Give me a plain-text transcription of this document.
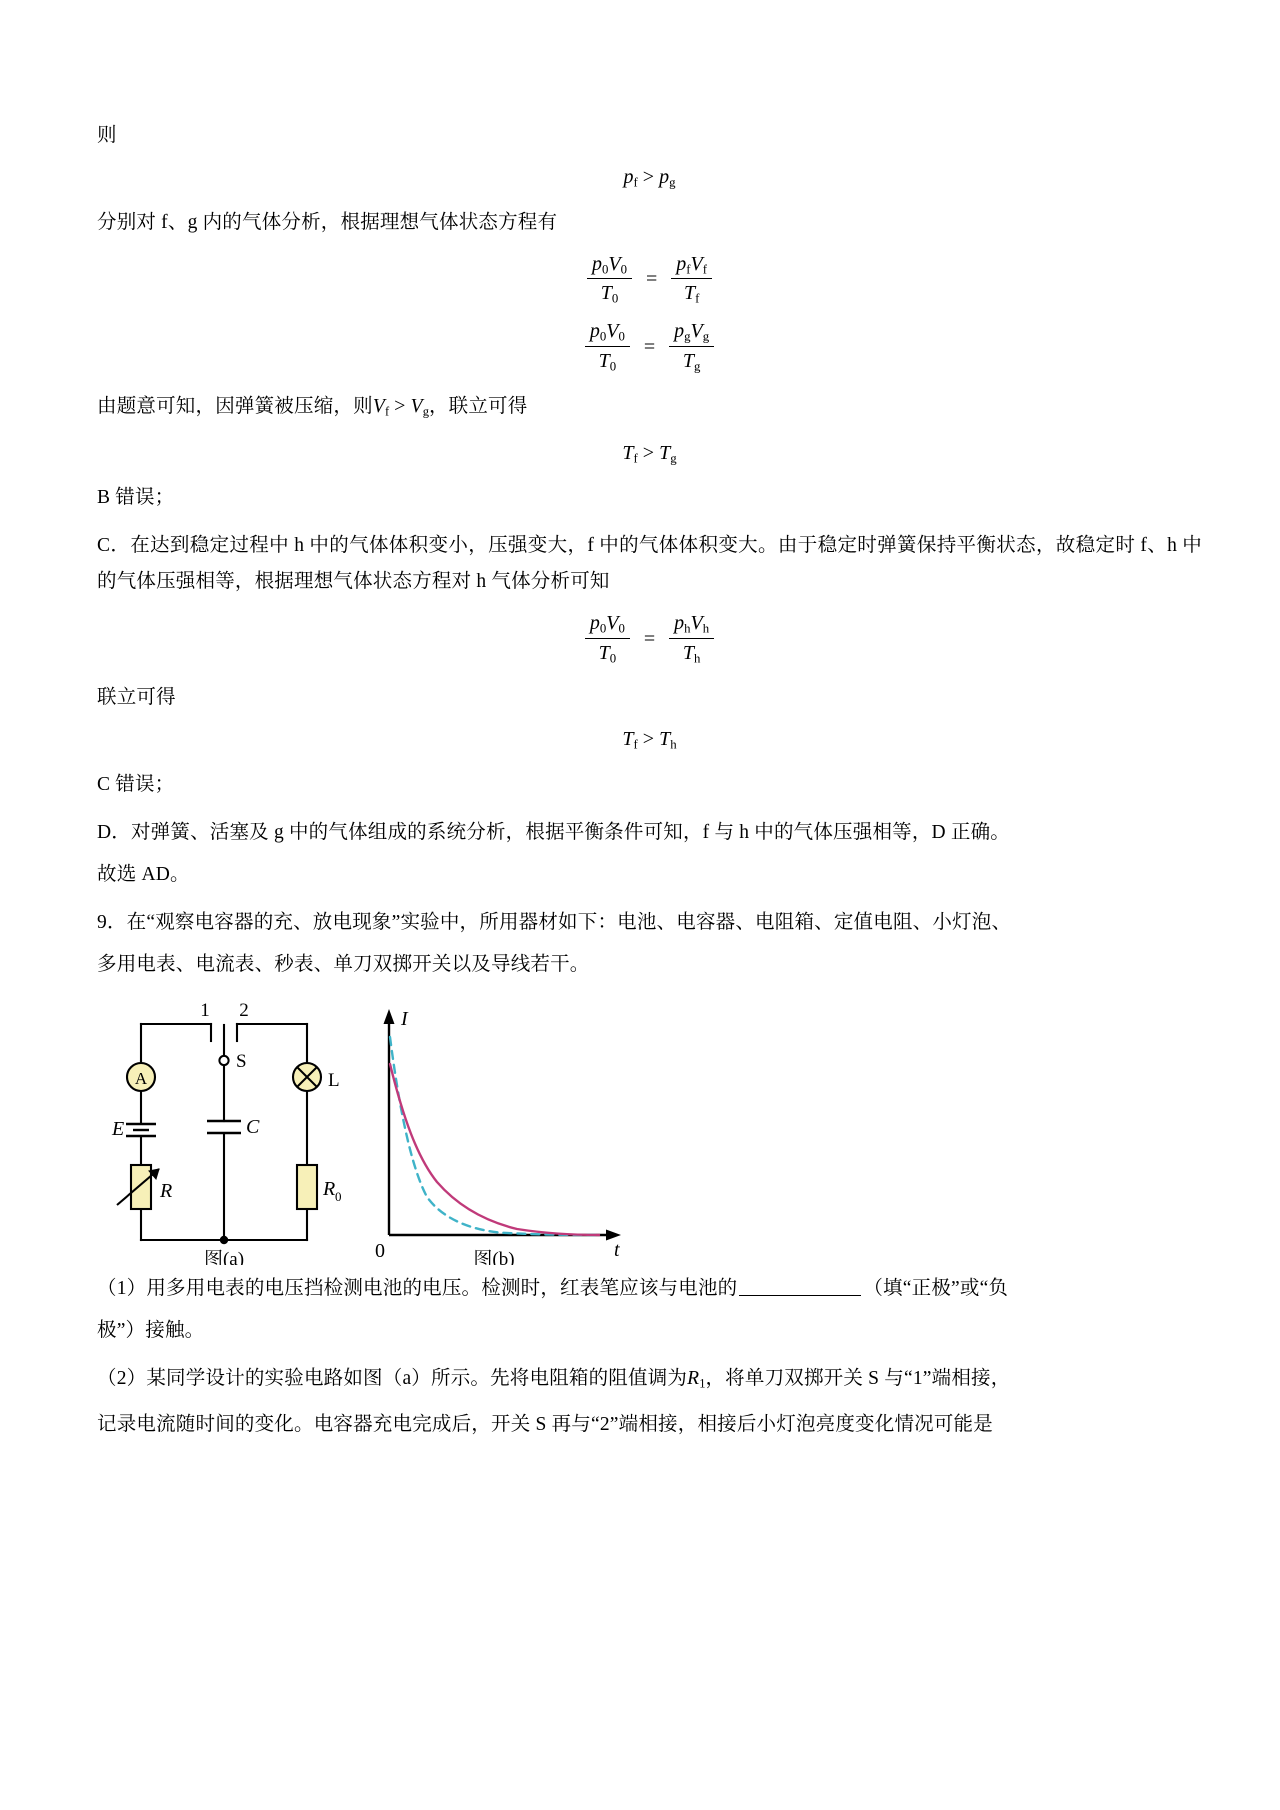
则

$p_f > p_g$

分别对 f、g 内的气体分析，根据理想气体状态方程有

$\frac{p_0V_0}{T_0} = \frac{p_fV_f}{T_f}$
$\frac{p_0V_0}{T_0} = \frac{p_gV_g}{T_g}$

由题意可知，因弹簧被压缩，则$V_f > V_g$，联立可得

$T_f > T_g$

B 错误；

C．在达到稳定过程中 h 中的气体体积变小，压强变大，f 中的气体体积变大。由于稳定时弹簧保持平衡状态，故稳定时 f、h 中的气体压强相等，根据理想气体状态方程对 h 气体分析可知

$\frac{p_0V_0}{T_0} = \frac{p_hV_h}{T_h}$

联立可得

$T_f > T_h$

C 错误；

D．对弹簧、活塞及 g 中的气体组成的系统分析，根据平衡条件可知，f 与 h 中的气体压强相等，D 正确。

故选 AD。

9．在“观察电容器的充、放电现象”实验中，所用器材如下：电池、电容器、电阻箱、定值电阻、小灯泡、

多用电表、电流表、秒表、单刀双掷开关以及导线若干。

A	L
S
1 2
E	C
R	R 0
图(a)
I
t
0	图(b)

（1）用多用电表的电压挡检测电池的电压。检测时，红表笔应该与电池的	（填“正极”或“负

极”）接触。

（2）某同学设计的实验电路如图（a）所示。先将电阻箱的阻值调为$R_1$，将单刀双掷开关 S 与“1”端相接，

记录电流随时间的变化。电容器充电完成后，开关 S 再与“2”端相接，相接后小灯泡亮度变化情况可能是
